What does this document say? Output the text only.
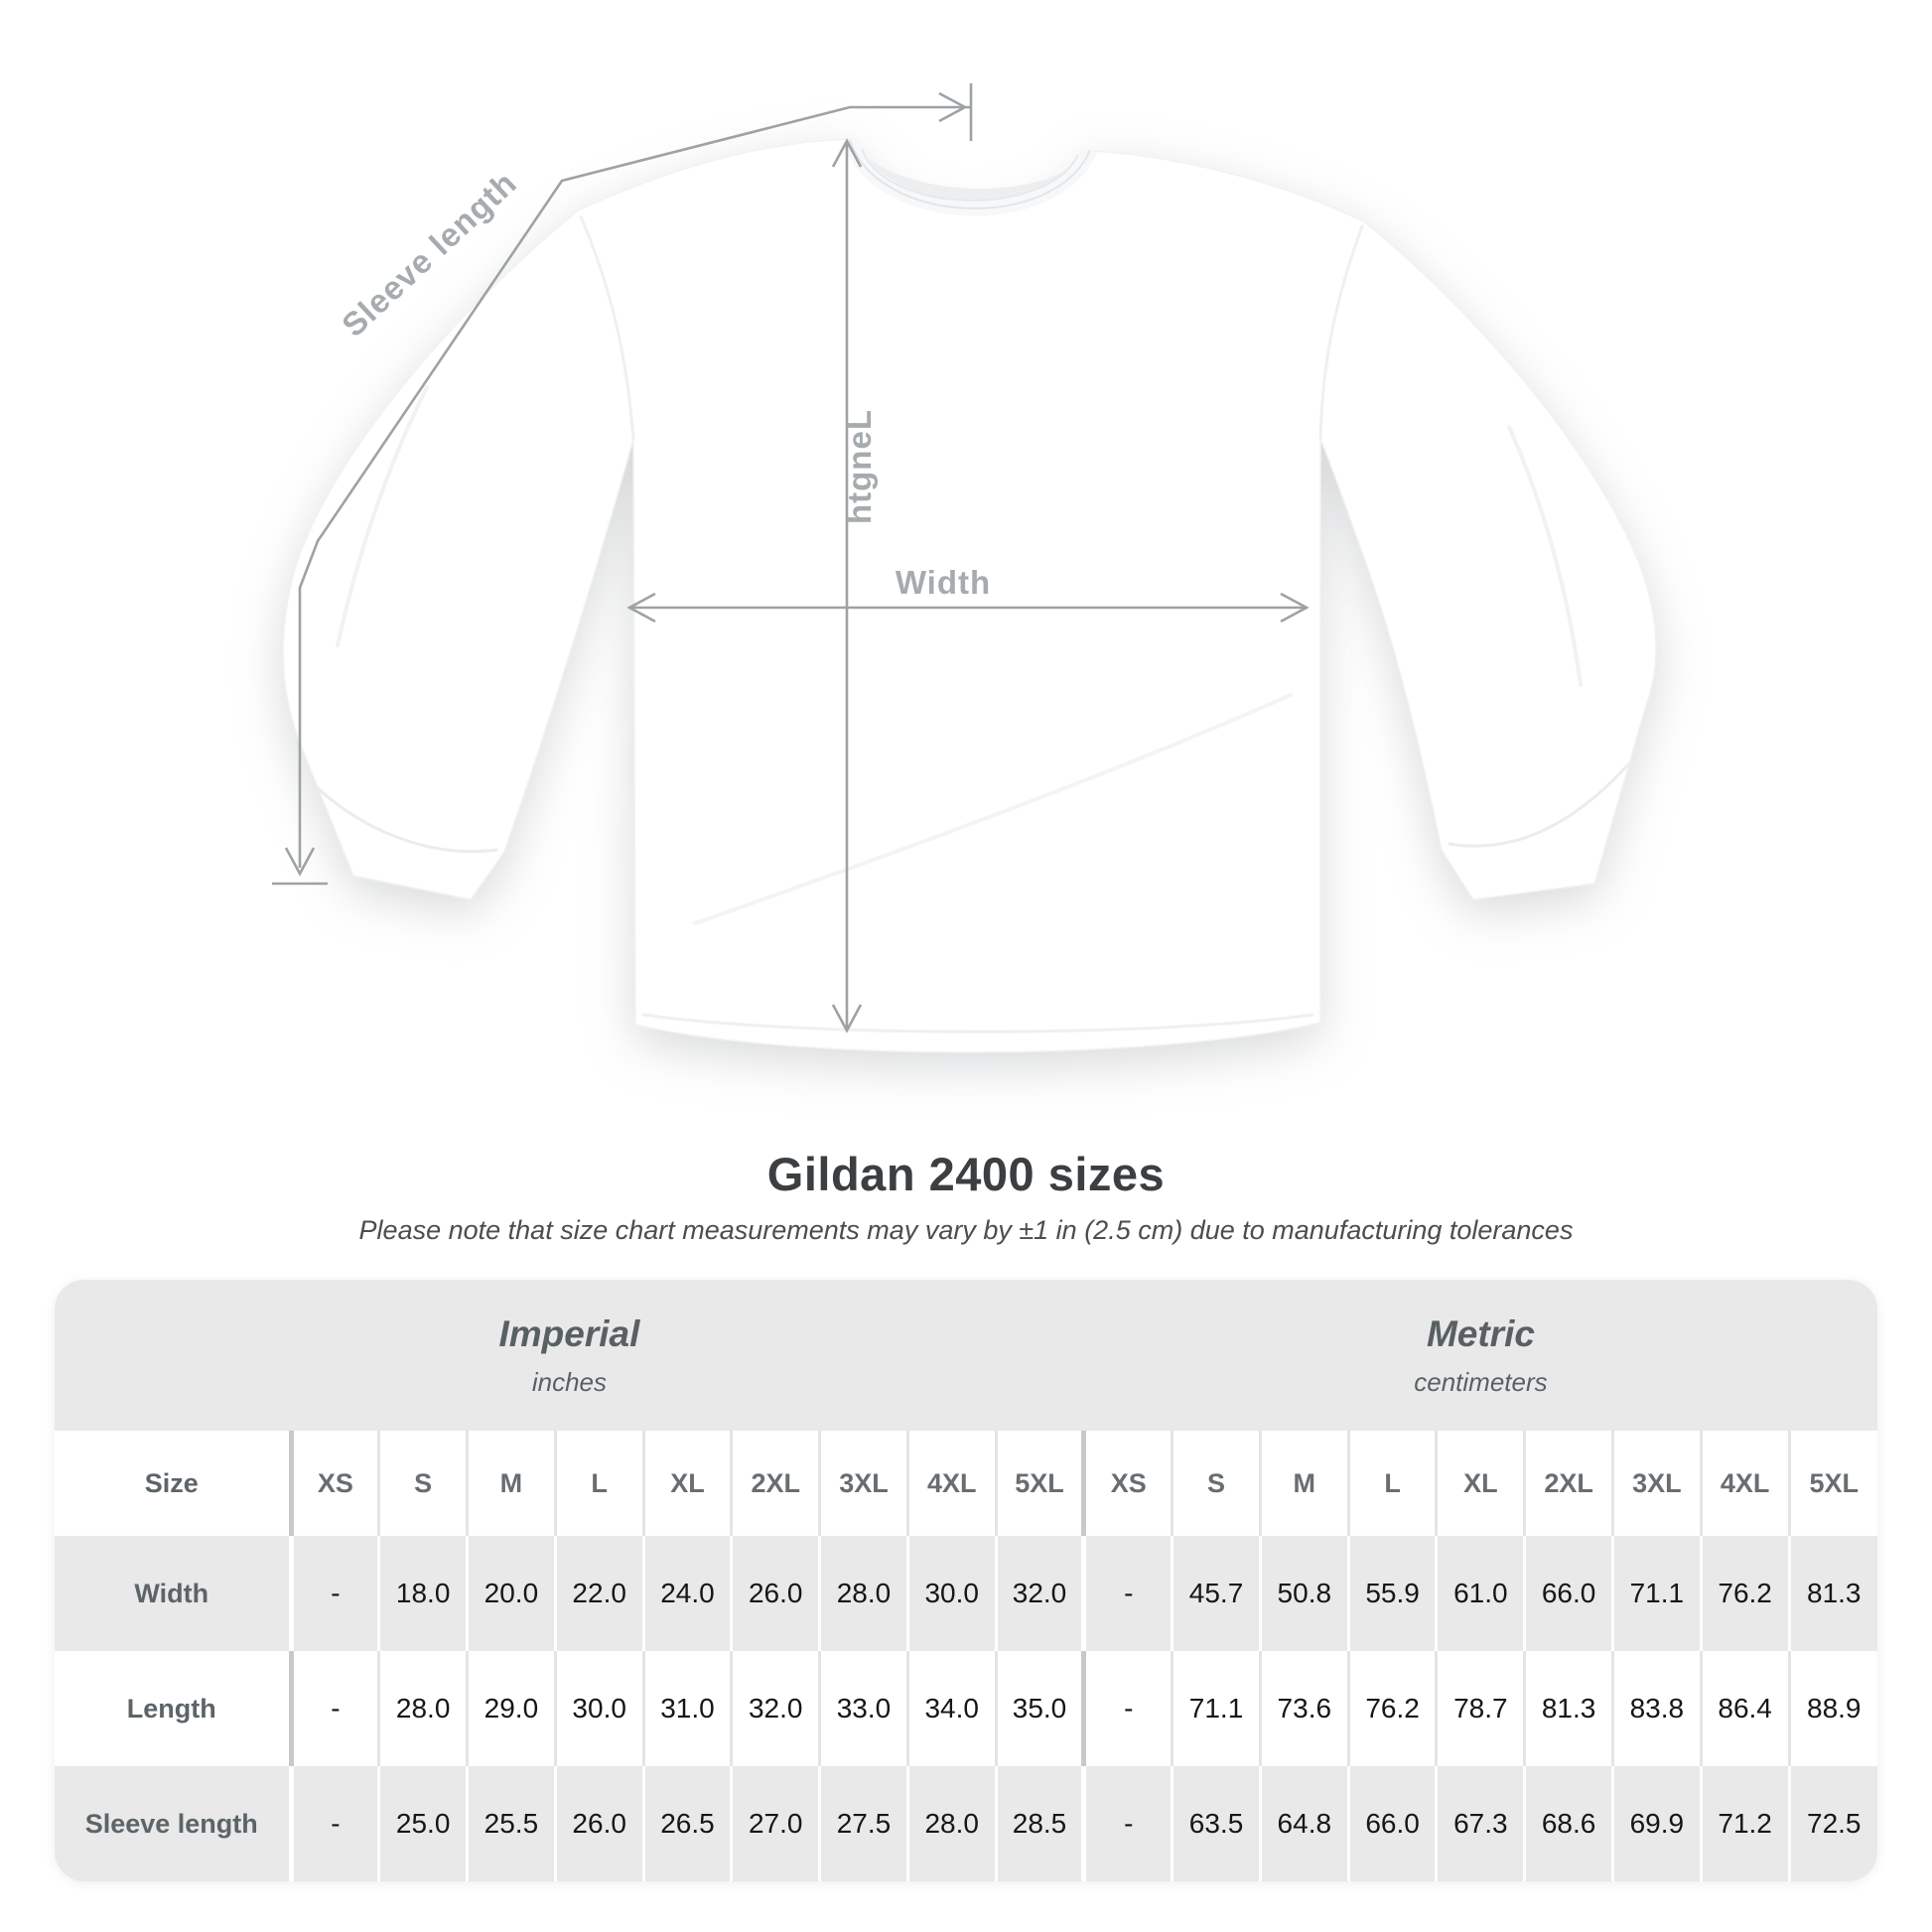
Sleeve length
htgneL
Width
Gildan 2400 sizes

Please note that size chart measurements may vary by ±1 in (2.5 cm) due to manufacturing tolerances

Imperial
inches

Metric
centimeters

Size	XS	S	M	L	XL	2XL	3XL	4XL	5XL	XS	S	M	L	XL	2XL	3XL	4XL	5XL
Width	-	18.0	20.0	22.0	24.0	26.0	28.0	30.0	32.0	-	45.7	50.8	55.9	61.0	66.0	71.1	76.2	81.3
Length	-	28.0	29.0	30.0	31.0	32.0	33.0	34.0	35.0	-	71.1	73.6	76.2	78.7	81.3	83.8	86.4	88.9
Sleeve length	-	25.0	25.5	26.0	26.5	27.0	27.5	28.0	28.5	-	63.5	64.8	66.0	67.3	68.6	69.9	71.2	72.5
